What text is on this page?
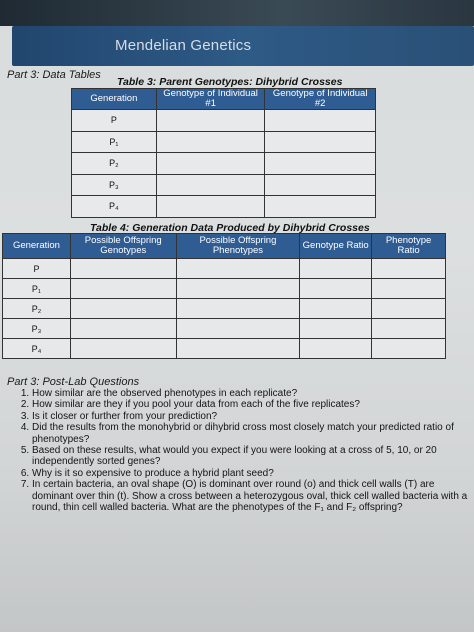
Mendelian Genetics
Part 3: Data Tables
Table 3: Parent Genotypes: Dihybrid Crosses
Generation	Genotype of Individual #1	Genotype of Individual #2
P		
P₁		
P₂		
P₃		
P₄		
Table 4: Generation Data Produced by Dihybrid Crosses
Generation	Possible Offspring Genotypes	Possible Offspring Phenotypes	Genotype Ratio	Phenotype Ratio
P				
P₁				
P₂				
P₃				
P₄				
Part 3: Post-Lab Questions
1. How similar are the observed phenotypes in each replicate?
2. How similar are they if you pool your data from each of the five replicates?
3. Is it closer or further from your prediction?
4. Did the results from the monohybrid or dihybrid cross most closely match your predicted ratio of phenotypes?
5. Based on these results, what would you expect if you were looking at a cross of 5, 10, or 20 independently sorted genes?
6. Why is it so expensive to produce a hybrid plant seed?
7. In certain bacteria, an oval shape (O) is dominant over round (o) and thick cell walls (T) are dominant over thin (t). Show a cross between a heterozygous oval, thick cell walled bacteria with a round, thin cell walled bacteria. What are the phenotypes of the F₁ and F₂ offspring?
